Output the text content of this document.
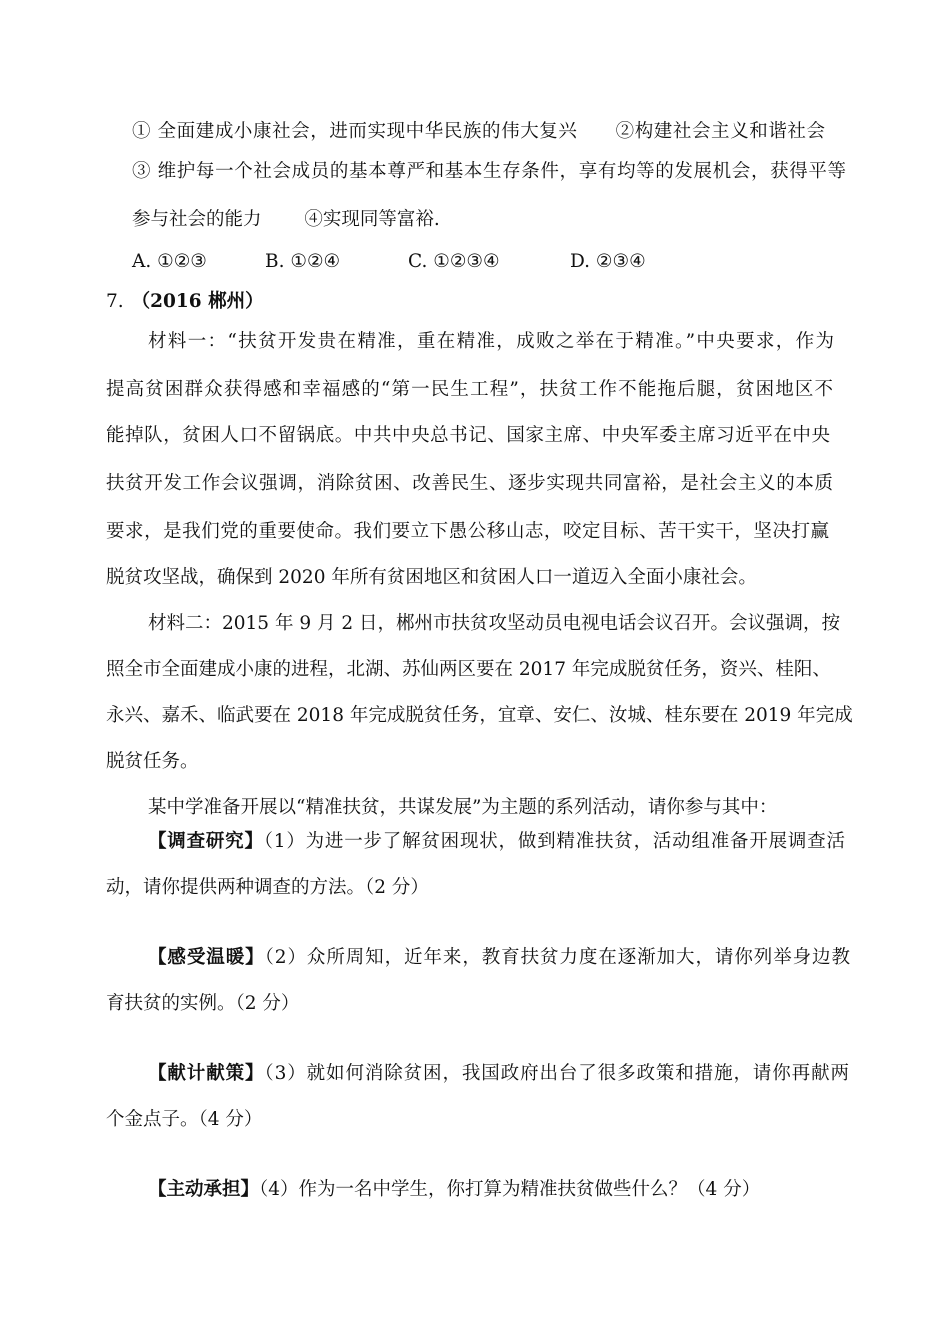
① 全面建成小康社会，进而实现中华民族的伟大复兴　　②构建社会主义和谐社会
③ 维护每一个社会成员的基本尊严和基本生存条件，享有均等的发展机会，获得平等
参与社会的能力　　 ④实现同等富裕.
A. ①②③	B. ①②④	C. ①②③④	D. ②③④
7. （2016 郴州）
材料一：“扶贫开发贵在精准，重在精准，成败之举在于精准。”中央要求，作为
提高贫困群众获得感和幸福感的“第一民生工程”，扶贫工作不能拖后腿，贫困地区不
能掉队，贫困人口不留锅底。中共中央总书记、国家主席、中央军委主席习近平在中央
扶贫开发工作会议强调，消除贫困、改善民生、逐步实现共同富裕，是社会主义的本质
要求，是我们党的重要使命。我们要立下愚公移山志，咬定目标、苦干实干，坚决打赢
脱贫攻坚战，确保到 2020 年所有贫困地区和贫困人口一道迈入全面小康社会。
材料二：2015 年 9 月 2 日，郴州市扶贫攻坚动员电视电话会议召开。会议强调，按
照全市全面建成小康的进程，北湖、苏仙两区要在 2017 年完成脱贫任务，资兴、桂阳、
永兴、嘉禾、临武要在 2018 年完成脱贫任务，宜章、安仁、汝城、桂东要在 2019 年完成
脱贫任务。
某中学准备开展以“精准扶贫，共谋发展”为主题的系列活动，请你参与其中：
【调查研究】（1）为进一步了解贫困现状，做到精准扶贫，活动组准备开展调查活
动，请你提供两种调查的方法。（2 分）
【感受温暖】（2）众所周知，近年来，教育扶贫力度在逐渐加大，请你列举身边教
育扶贫的实例。（2 分）
【献计献策】（3）就如何消除贫困，我国政府出台了很多政策和措施，请你再献两
个金点子。（4 分）
【主动承担】（4）作为一名中学生，你打算为精准扶贫做些什么？（4 分）
